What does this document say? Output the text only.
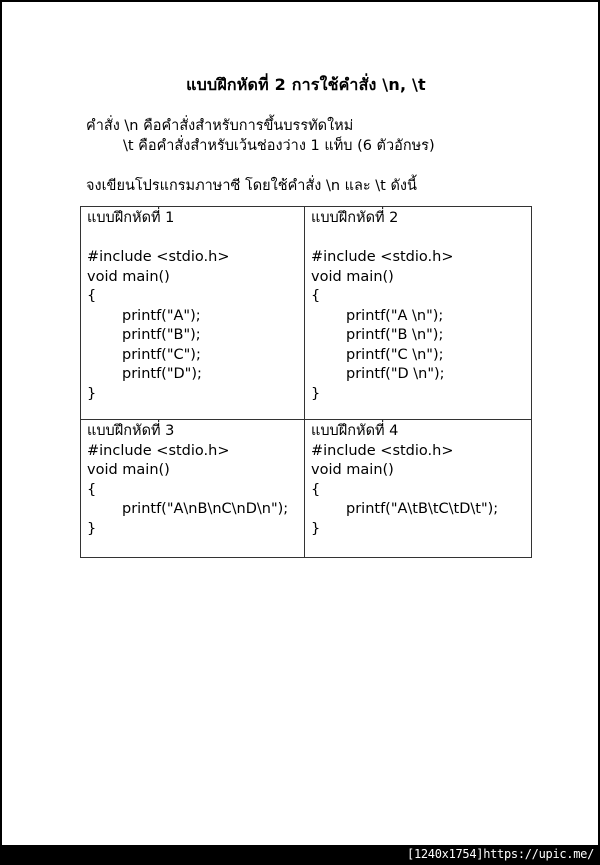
แบบฝึกหัดที่ 2 การใช้คำสั่ง \n, \t
คำสั่ง \n คือคำสั่งสำหรับการขึ้นบรรทัดใหม่
\t คือคำสั่งสำหรับเว้นช่องว่าง 1 แท็บ (6 ตัวอักษร)
จงเขียนโปรแกรมภาษาซี โดยใช้คำสั่ง \n และ \t ดังนี้
แบบฝึกหัดที่ 1
#include <stdio.h>
void main()
{
printf("A");
printf("B");
printf("C");
printf("D");
}
แบบฝึกหัดที่ 2
#include <stdio.h>
void main()
{
printf("A \n");
printf("B \n");
printf("C \n");
printf("D \n");
}
แบบฝึกหัดที่ 3
#include <stdio.h>
void main()
{
printf("A\nB\nC\nD\n");
}
แบบฝึกหัดที่ 4
#include <stdio.h>
void main()
{
printf("A\tB\tC\tD\t");
}
[1240x1754]https://upic.me/
